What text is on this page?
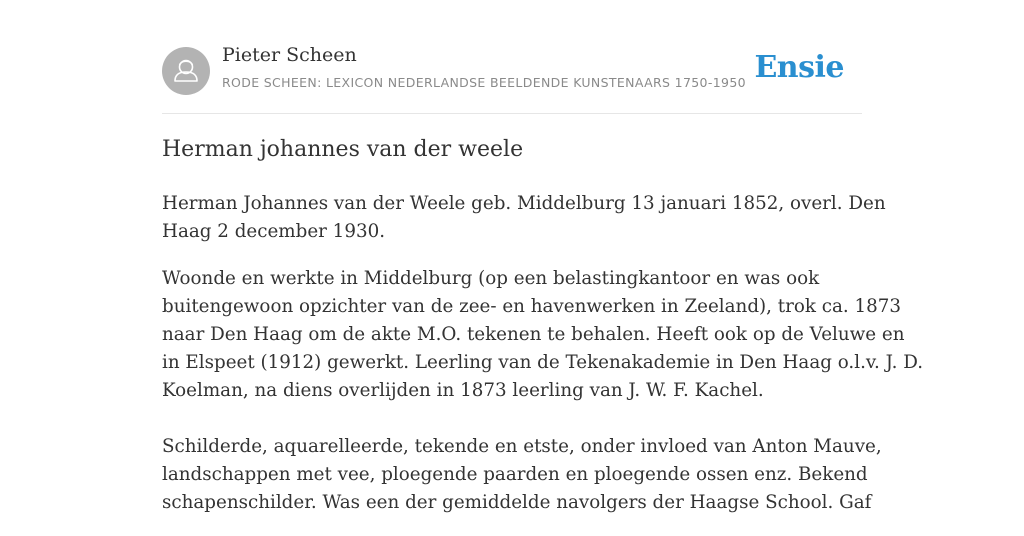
Pieter Scheen
RODE SCHEEN: LEXICON NEDERLANDSE BEELDENDE KUNSTENAARS 1750-1950 Ensie
Herman johannes van der weele

Herman Johannes van der Weele geb. Middelburg 13 januari 1852, overl. Den
Haag 2 december 1930.

Woonde en werkte in Middelburg (op een belastingkantoor en was ook
buitengewoon opzichter van de zee- en havenwerken in Zeeland), trok ca. 1873
naar Den Haag om de akte M.O. tekenen te behalen. Heeft ook op de Veluwe en
in Elspeet (1912) gewerkt. Leerling van de Tekenakademie in Den Haag o.l.v. J. D.
Koelman, na diens overlijden in 1873 leerling van J. W. F. Kachel.
Schilderde, aquarelleerde, tekende en etste, onder invloed van Anton Mauve,
landschappen met vee, ploegende paarden en ploegende ossen enz. Bekend
schapenschilder. Was een der gemiddelde navolgers der Haagse School. Gaf
